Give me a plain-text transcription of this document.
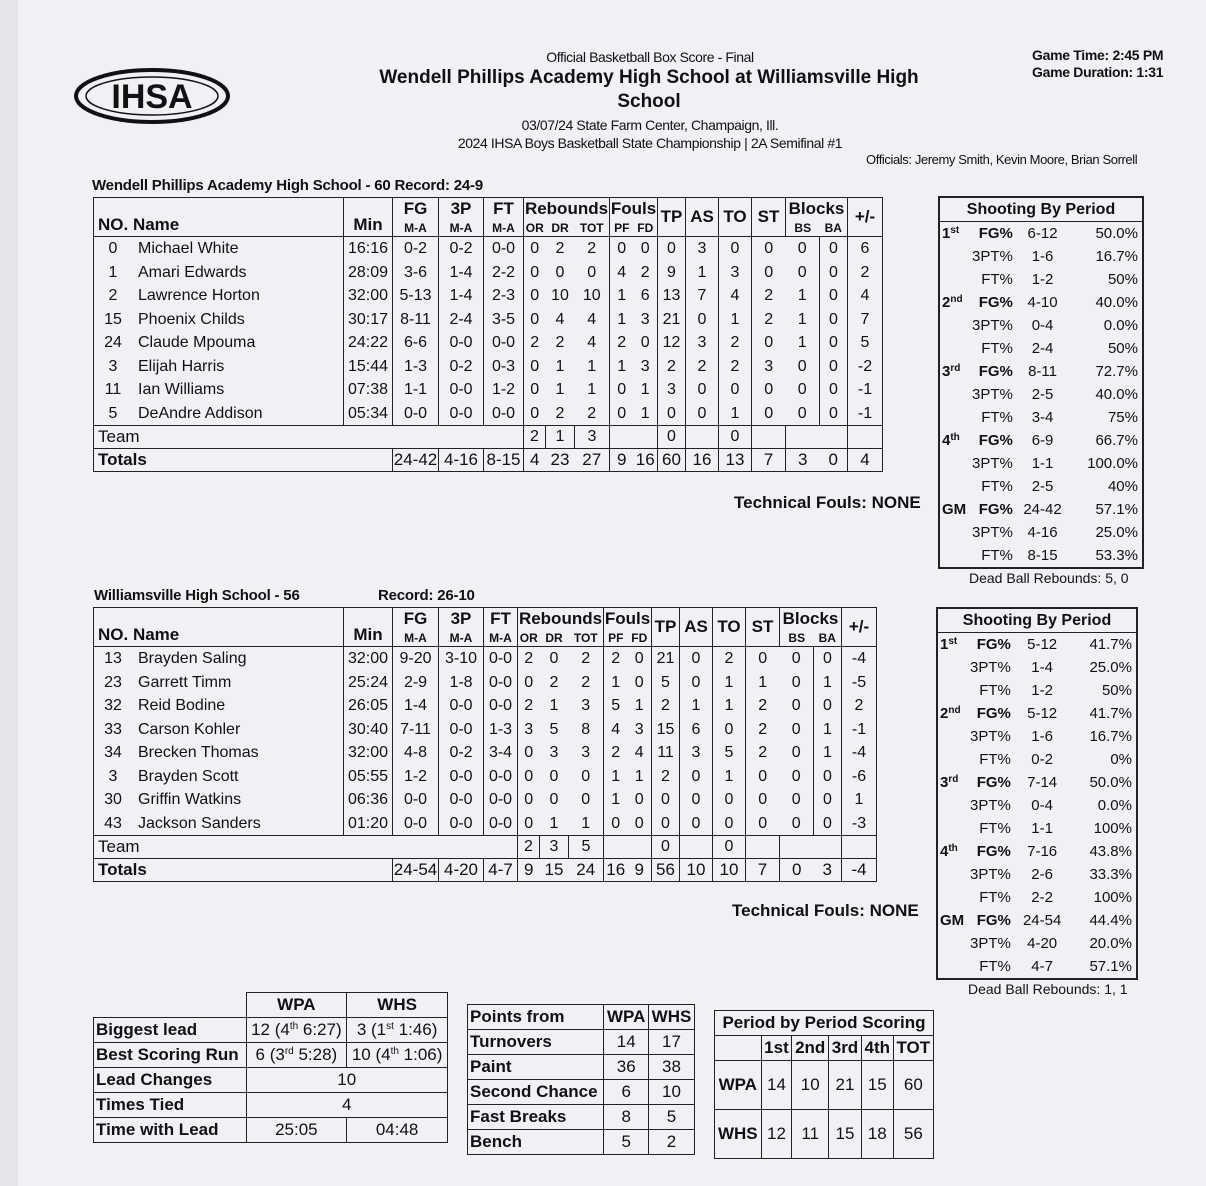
IHSA
Official Basketball Box Score - Final
Wendell Phillips Academy High School at Williamsville High
School
03/07/24 State Farm Center, Champaign, Ill.
2024 IHSA Boys Basketball State Championship | 2A Semifinal #1
Game Time: 2:45 PM
Game Duration: 1:31
Officials: Jeremy Smith, Kevin Moore, Brian Sorrell
Wendell Phillips Academy High School - 60 Record: 24-9
NO. Name	Min	FG	3P	FT	Rebounds			Fouls		TP	AS	TO	ST	Blocks		+/-
		M-A	M-A	M-A	OR	DR	TOT	PF	FD					BS	BA	
0 Michael White	16:16	0-2	0-2	0-0	0	2	2	0	0	0	3	0	0	0	0	6
1 Amari Edwards	28:09	3-6	1-4	2-2	0	0	0	4	2	9	1	3	0	0	0	2
2 Lawrence Horton	32:00	5-13	1-4	2-3	0	10	10	1	6	13	7	4	2	1	0	4
15 Phoenix Childs	30:17	8-11	2-4	3-5	0	4	4	1	3	21	0	1	2	1	0	7
24 Claude Mpouma	24:22	6-6	0-0	0-0	2	2	4	2	0	12	3	2	0	1	0	5
3 Elijah Harris	15:44	1-3	0-2	0-3	0	1	1	1	3	2	2	2	3	0	0	-2
11 Ian Williams	07:38	1-1	0-0	1-2	0	1	1	0	1	3	0	0	0	0	0	-1
5 DeAndre Addison	05:34	0-0	0-0	0-0	0	2	2	0	1	0	0	1	0	0	0	-1
Team					2	1	3			0		0				
Totals		24-42	4-16	8-15	4	23	27	9	16	60	16	13	7	3	0	4
Technical Fouls: NONE
Shooting By Period			
1st	FG%	6-12	50.0%
	3PT%	1-6	16.7%
	FT%	1-2	50%
2nd	FG%	4-10	40.0%
	3PT%	0-4	0.0%
	FT%	2-4	50%
3rd	FG%	8-11	72.7%
	3PT%	2-5	40.0%
	FT%	3-4	75%
4th	FG%	6-9	66.7%
	3PT%	1-1	100.0%
	FT%	2-5	40%
GM	FG%	24-42	57.1%
	3PT%	4-16	25.0%
	FT%	8-15	53.3%
Dead Ball Rebounds: 5, 0
Williamsville High School - 56	Record: 26-10
NO. Name	Min	FG	3P	FT	Rebounds			Fouls		TP	AS	TO	ST	Blocks		+/-
		M-A	M-A	M-A	OR	DR	TOT	PF	FD					BS	BA	
13 Brayden Saling	32:00	9-20	3-10	0-0	2	0	2	2	0	21	0	2	0	0	0	-4
23 Garrett Timm	25:24	2-9	1-8	0-0	0	2	2	1	0	5	0	1	1	0	1	-5
32 Reid Bodine	26:05	1-4	0-0	0-0	2	1	3	5	1	2	1	1	2	0	0	2
33 Carson Kohler	30:40	7-11	0-0	1-3	3	5	8	4	3	15	6	0	2	0	1	-1
34 Brecken Thomas	32:00	4-8	0-2	3-4	0	3	3	2	4	11	3	5	2	0	1	-4
3 Brayden Scott	05:55	1-2	0-0	0-0	0	0	0	1	1	2	0	1	0	0	0	-6
30 Griffin Watkins	06:36	0-0	0-0	0-0	0	0	0	1	0	0	0	0	0	0	0	1
43 Jackson Sanders	01:20	0-0	0-0	0-0	0	1	1	0	0	0	0	0	0	0	0	-3
Team					2	3	5			0		0				
Totals		24-54	4-20	4-7	9	15	24	16	9	56	10	10	7	0	3	-4
Technical Fouls: NONE
Shooting By Period			
1st	FG%	5-12	41.7%
	3PT%	1-4	25.0%
	FT%	1-2	50%
2nd	FG%	5-12	41.7%
	3PT%	1-6	16.7%
	FT%	0-2	0%
3rd	FG%	7-14	50.0%
	3PT%	0-4	0.0%
	FT%	1-1	100%
4th	FG%	7-16	43.8%
	3PT%	2-6	33.3%
	FT%	2-2	100%
GM	FG%	24-54	44.4%
	3PT%	4-20	20.0%
	FT%	4-7	57.1%
Dead Ball Rebounds: 1, 1
	WPA	WHS
Biggest lead	12 (4th 6:27)	3 (1st 1:46)
Best Scoring Run	6 (3rd 5:28)	10 (4th 1:06)
Lead Changes	10	
Times Tied	4	
Time with Lead	25:05	04:48
Points from	WPA	WHS
Turnovers	14	17
Paint	36	38
Second Chance	6	10
Fast Breaks	8	5
Bench	5	2
Period by Period Scoring					
	1st	2nd	3rd	4th	TOT
WPA	14	10	21	15	60
WHS	12	11	15	18	56
